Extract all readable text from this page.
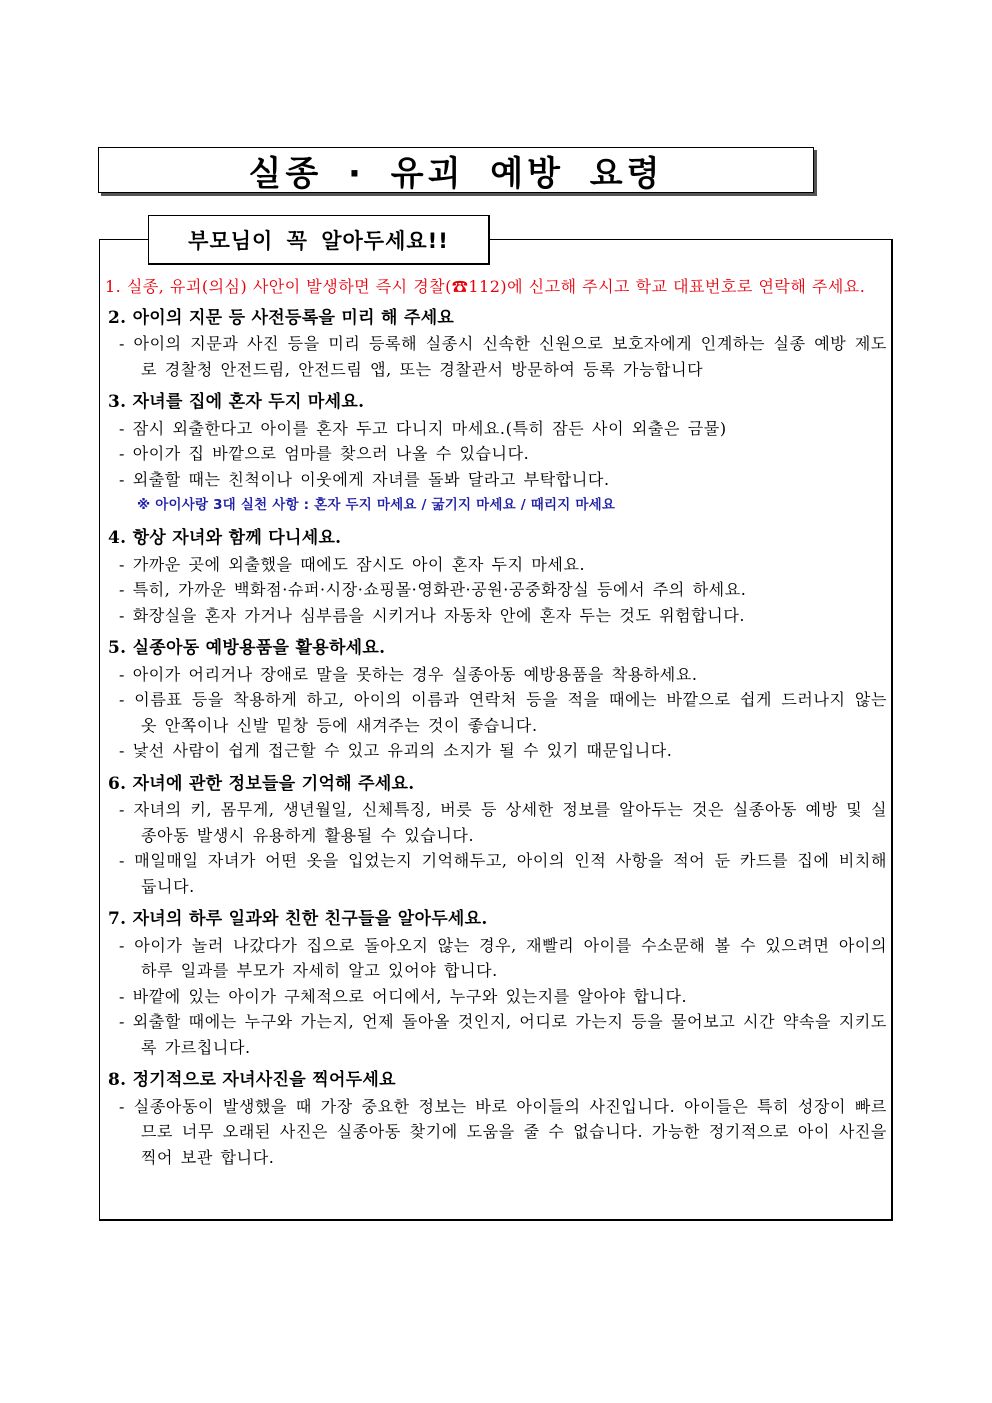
실종 · 유괴 예방 요령
부모님이 꼭 알아두세요!!
1. 실종, 유괴(의심) 사안이 발생하면 즉시 경찰(☎112)에 신고해 주시고 학교 대표번호로 연락해 주세요.
2. 아이의 지문 등 사전등록을 미리 해 주세요
- 아이의 지문과 사진 등을 미리 등록해 실종시 신속한 신원으로 보호자에게 인계하는 실종 예방 제도로 경찰청 안전드림, 안전드림 앱, 또는 경찰관서 방문하여 등록 가능합니다
3. 자녀를 집에 혼자 두지 마세요.
- 잠시 외출한다고 아이를 혼자 두고 다니지 마세요.(특히 잠든 사이 외출은 금물)
- 아이가 집 바깥으로 엄마를 찾으러 나올 수 있습니다.
- 외출할 때는 친척이나 이웃에게 자녀를 돌봐 달라고 부탁합니다.
※ 아이사랑 3대 실천 사항 : 혼자 두지 마세요 / 굶기지 마세요 / 때리지 마세요
4. 항상 자녀와 함께 다니세요.
- 가까운 곳에 외출했을 때에도 잠시도 아이 혼자 두지 마세요.
- 특히, 가까운 백화점·슈퍼·시장·쇼핑몰·영화관·공원·공중화장실 등에서 주의 하세요.
- 화장실을 혼자 가거나 심부름을 시키거나 자동차 안에 혼자 두는 것도 위험합니다.
5. 실종아동 예방용품을 활용하세요.
- 아이가 어리거나 장애로 말을 못하는 경우 실종아동 예방용품을 착용하세요.
- 이름표 등을 착용하게 하고, 아이의 이름과 연락처 등을 적을 때에는 바깥으로 쉽게 드러나지 않는 옷 안쪽이나 신발 밑창 등에 새겨주는 것이 좋습니다.
- 낯선 사람이 쉽게 접근할 수 있고 유괴의 소지가 될 수 있기 때문입니다.
6. 자녀에 관한 정보들을 기억해 주세요.
- 자녀의 키, 몸무게, 생년월일, 신체특징, 버릇 등 상세한 정보를 알아두는 것은 실종아동 예방 및 실종아동 발생시 유용하게 활용될 수 있습니다.
- 매일매일 자녀가 어떤 옷을 입었는지 기억해두고, 아이의 인적 사항을 적어 둔 카드를 집에 비치해 둡니다.
7. 자녀의 하루 일과와 친한 친구들을 알아두세요.
- 아이가 놀러 나갔다가 집으로 돌아오지 않는 경우, 재빨리 아이를 수소문해 볼 수 있으려면 아이의 하루 일과를 부모가 자세히 알고 있어야 합니다.
- 바깥에 있는 아이가 구체적으로 어디에서, 누구와 있는지를 알아야 합니다.
- 외출할 때에는 누구와 가는지, 언제 돌아올 것인지, 어디로 가는지 등을 물어보고 시간 약속을 지키도록 가르칩니다.
8. 정기적으로 자녀사진을 찍어두세요
- 실종아동이 발생했을 때 가장 중요한 정보는 바로 아이들의 사진입니다. 아이들은 특히 성장이 빠르므로 너무 오래된 사진은 실종아동 찾기에 도움을 줄 수 없습니다. 가능한 정기적으로 아이 사진을 찍어 보관 합니다.
